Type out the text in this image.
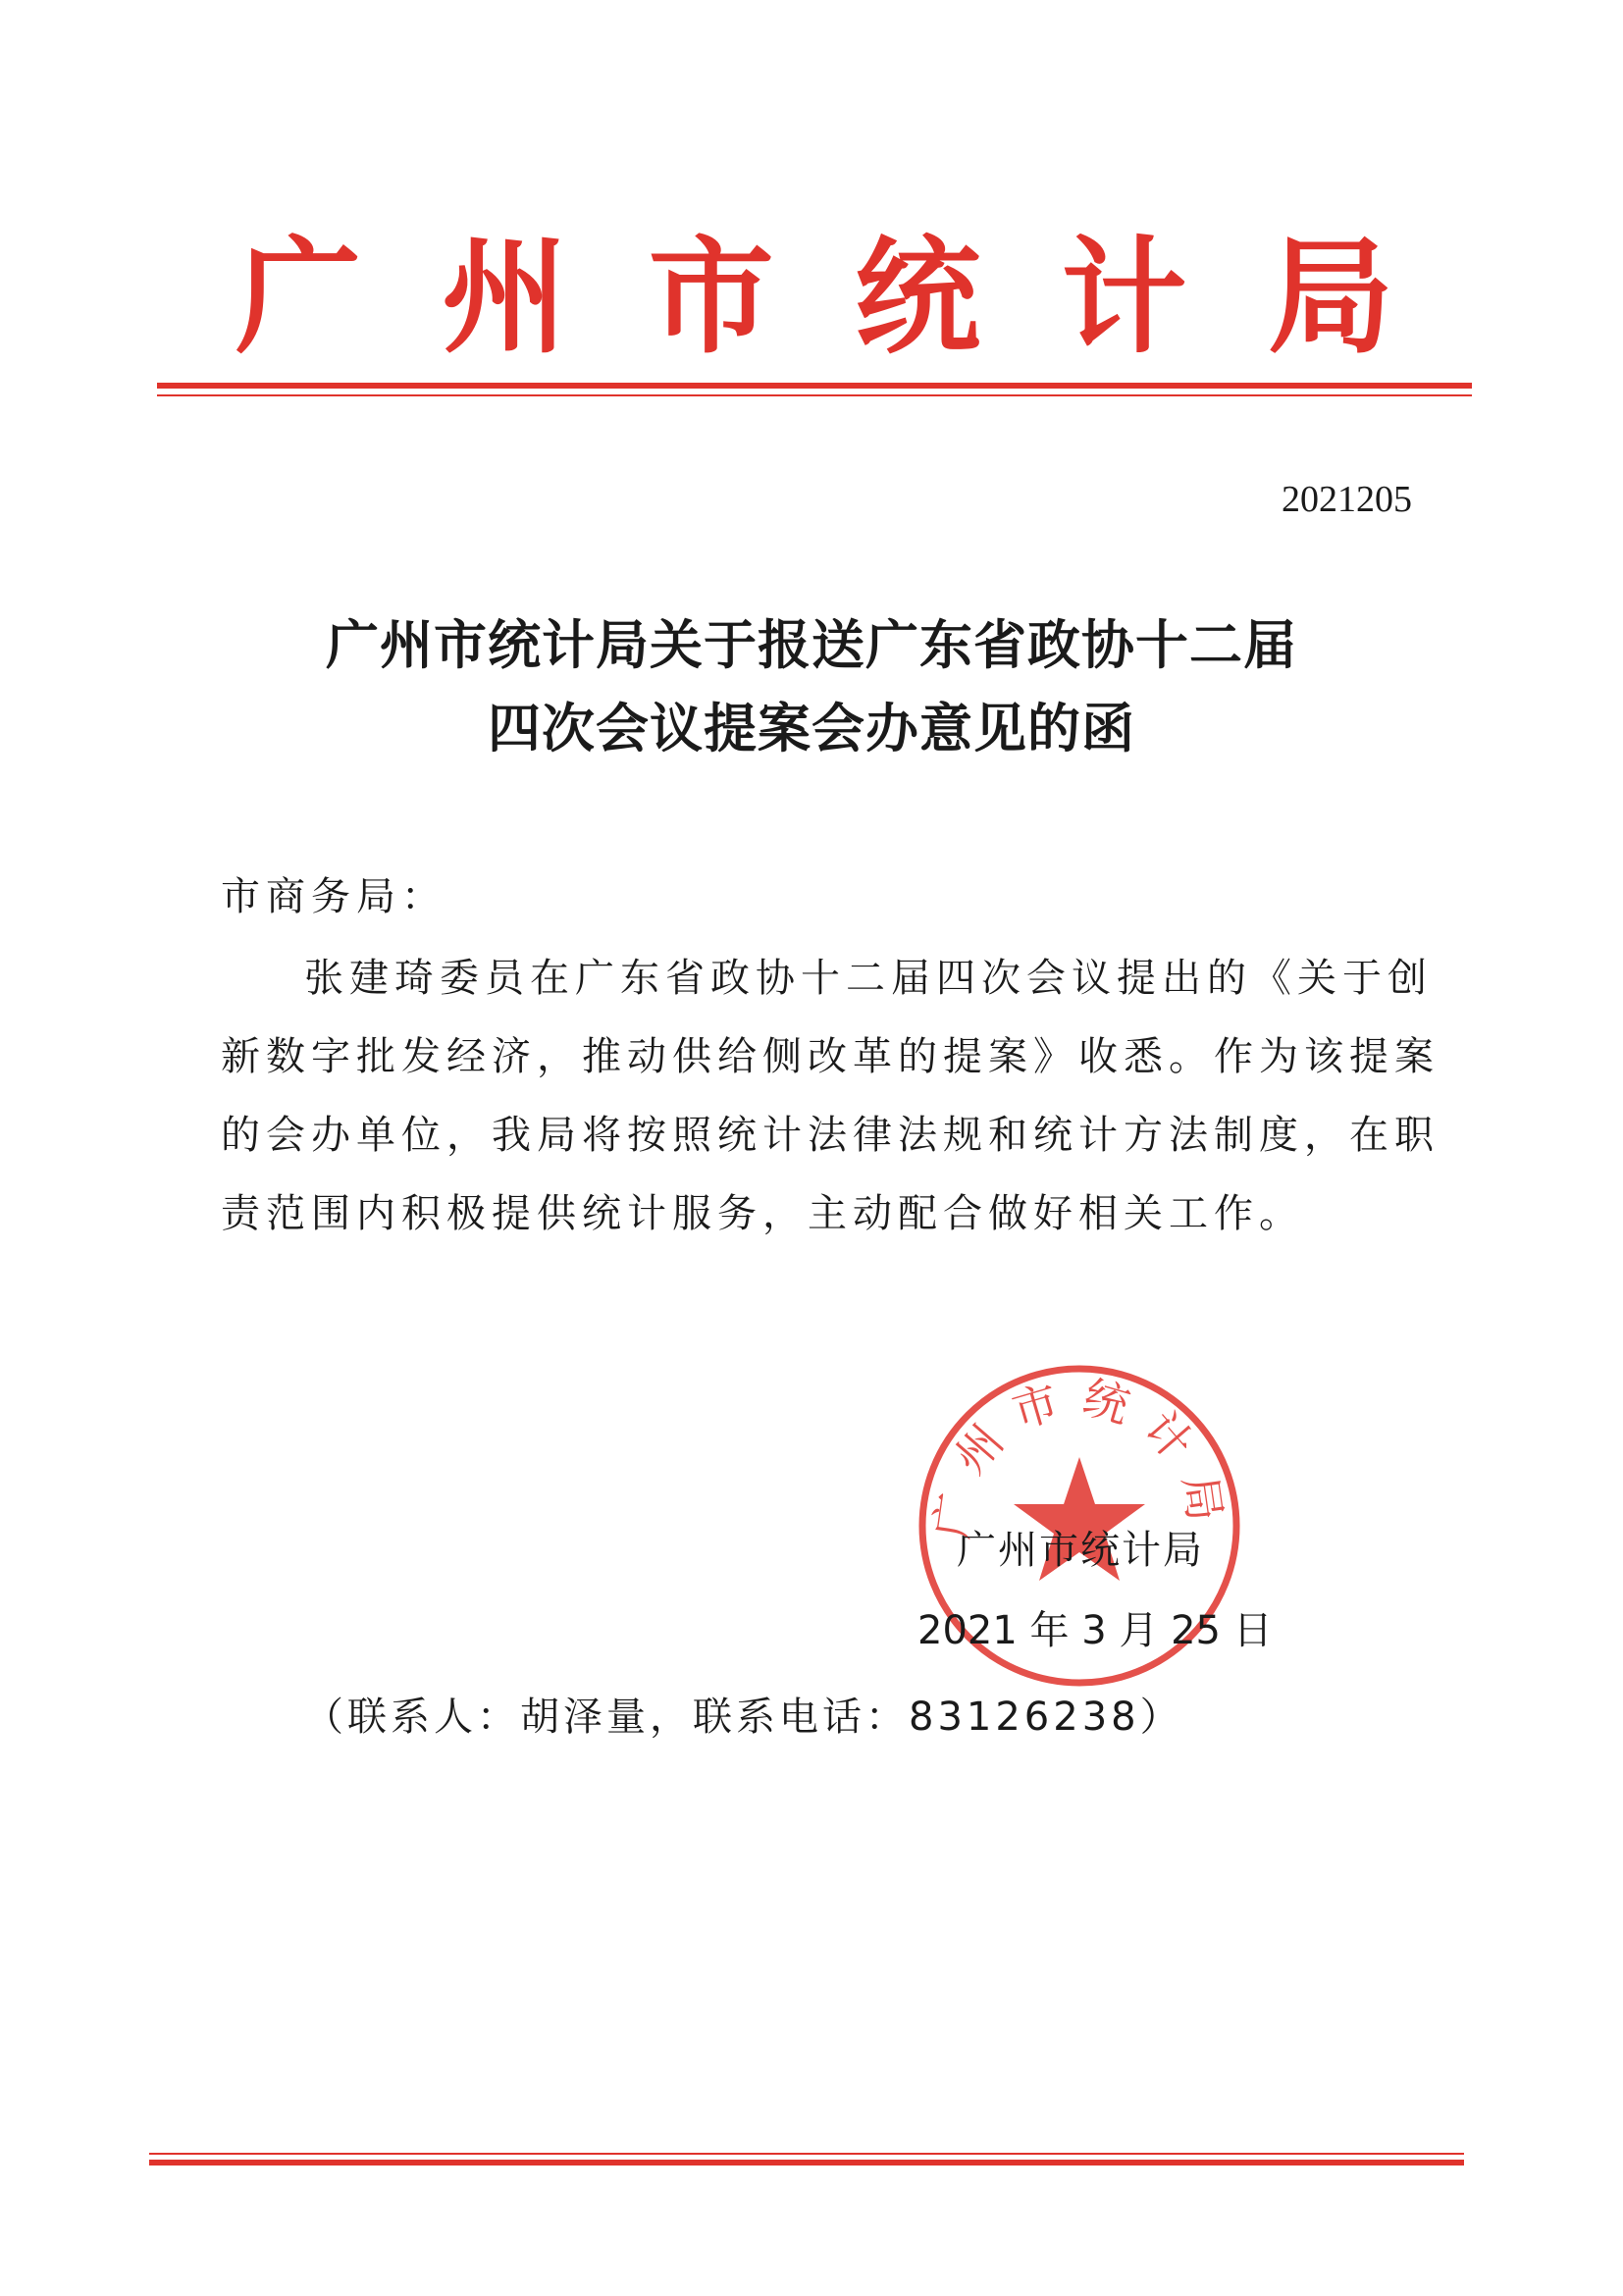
广 州 市 统 计 局
2021205
广州市统计局关于报送广东省政协十二届
四次会议提案会办意见的函
市商务局：
张建琦委员在广东省政协十二届四次会议提出的《关于创
新数字批发经济，推动供给侧改革的提案》收悉。作为该提案
的会办单位，我局将按照统计法律法规和统计方法制度，在职
责范围内积极提供统计服务，主动配合做好相关工作。
广州市统计局
广州市统计局
2021 年 3 月 25 日
（联系人：胡泽量，联系电话：83126238）
